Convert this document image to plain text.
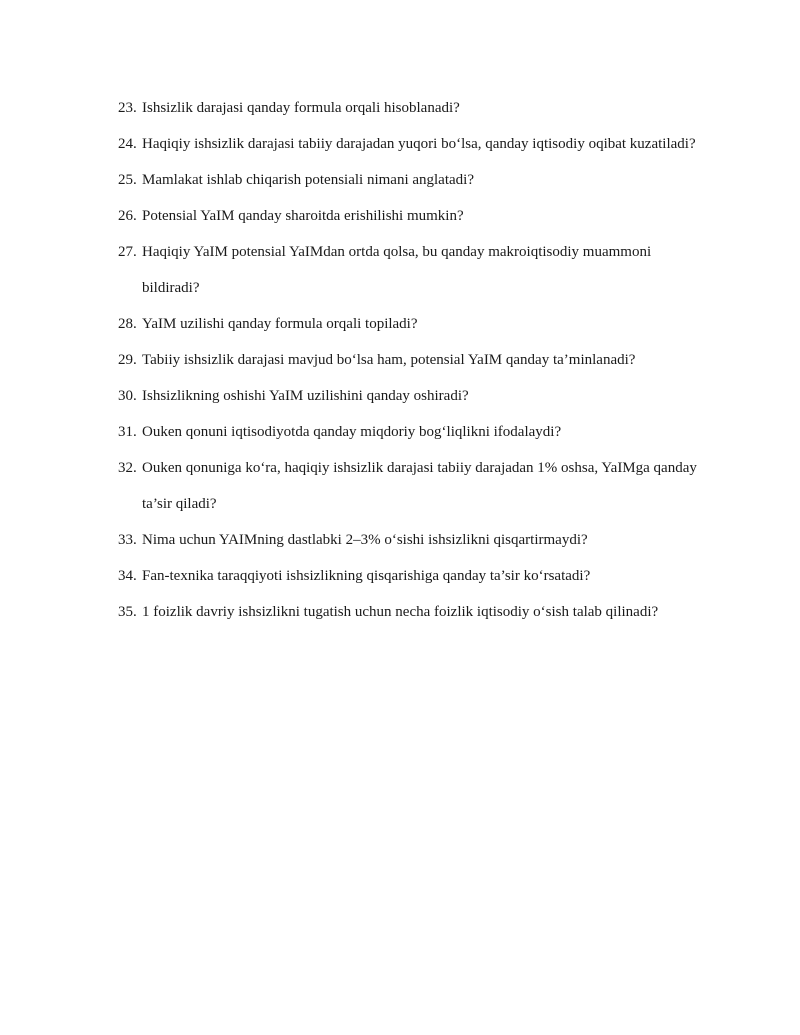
23. Ishsizlik darajasi qanday formula orqali hisoblanadi?
24. Haqiqiy ishsizlik darajasi tabiiy darajadan yuqori bo‘lsa, qanday iqtisodiy oqibat kuzatiladi?
25. Mamlakat ishlab chiqarish potensiali nimani anglatadi?
26. Potensial YaIM qanday sharoitda erishilishi mumkin?
27. Haqiqiy YaIM potensial YaIMdan ortda qolsa, bu qanday makroiqtisodiy muammoni bildiradi?
28. YaIM uzilishi qanday formula orqali topiladi?
29. Tabiiy ishsizlik darajasi mavjud bo‘lsa ham, potensial YaIM qanday ta’minlanadi?
30. Ishsizlikning oshishi YaIM uzilishini qanday oshiradi?
31. Ouken qonuni iqtisodiyotda qanday miqdoriy bog‘liqlikni ifodalaydi?
32. Ouken qonuniga ko‘ra, haqiqiy ishsizlik darajasi tabiiy darajadan 1% oshsa, YaIMga qanday ta’sir qiladi?
33. Nima uchun YAIMning dastlabki 2–3% o‘sishi ishsizlikni qisqartirmaydi?
34. Fan-texnika taraqqiyoti ishsizlikning qisqarishiga qanday ta’sir ko‘rsatadi?
35. 1 foizlik davriy ishsizlikni tugatish uchun necha foizlik iqtisodiy o‘sish talab qilinadi?
